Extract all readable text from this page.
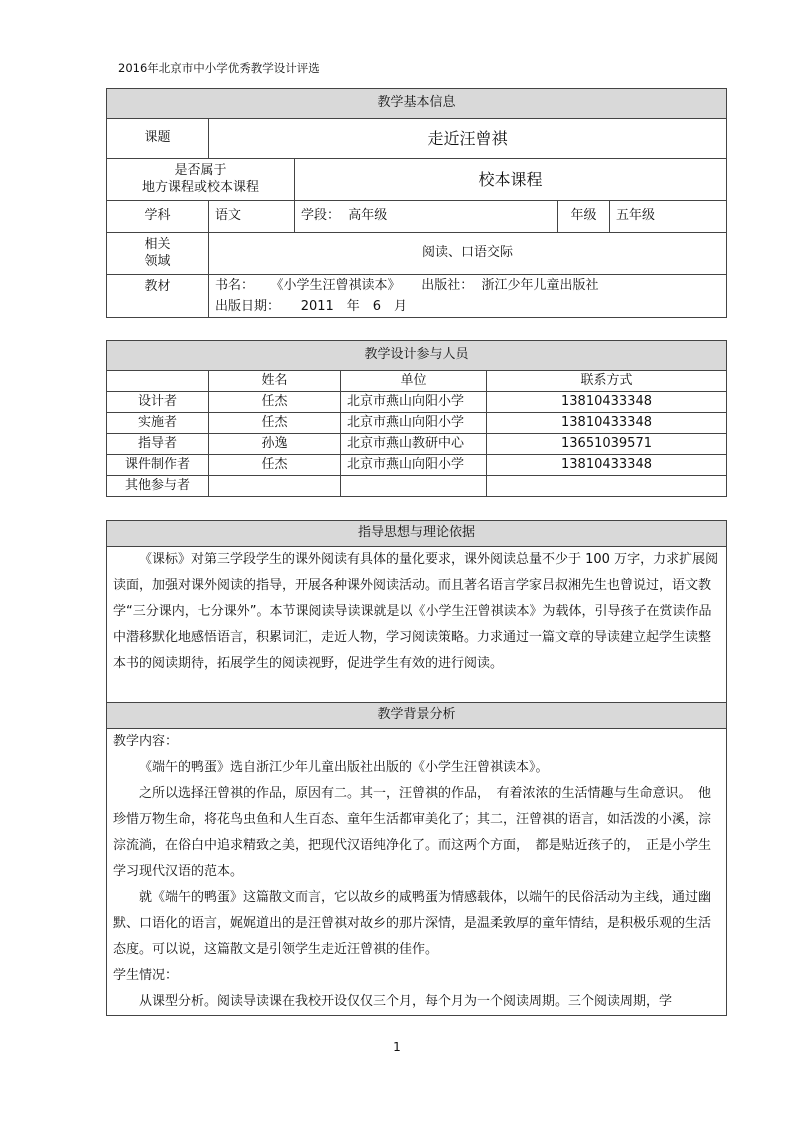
2016年北京市中小学优秀教学设计评选
教学基本信息				
课题	走近汪曾祺			
是否属于
地方课程或校本课程		校本课程		
学科	语文	学段： 高年级	年级	五年级
相关
领域	阅读、口语交际			
教材	书名： 《小学生汪曾祺读本》 出版社： 浙江少年儿童出版社
出版日期： 2011　年　6　月			
教学设计参与人员			
	姓名	单位	联系方式
设计者	任杰	北京市燕山向阳小学	13810433348
实施者	任杰	北京市燕山向阳小学	13810433348
指导者	孙逸	北京市燕山教研中心	13651039571
课件制作者	任杰	北京市燕山向阳小学	13810433348
其他参与者			
指导思想与理论依据

《课标》对第三学段学生的课外阅读有具体的量化要求，课外阅读总量不少于 100 万字，力求扩展阅读面，加强对课外阅读的指导，开展各种课外阅读活动。而且著名语言学家吕叔湘先生也曾说过，语文教学“三分课内，七分课外”。本节课阅读导读课就是以《小学生汪曾祺读本》为载体，引导孩子在赏读作品中潜移默化地感悟语言，积累词汇，走近人物，学习阅读策略。力求通过一篇文章的导读建立起学生读整本书的阅读期待，拓展学生的阅读视野，促进学生有效的进行阅读。

教学背景分析

教学内容：

《端午的鸭蛋》选自浙江少年儿童出版社出版的《小学生汪曾祺读本》。

之所以选择汪曾祺的作品，原因有二。其一，汪曾祺的作品，　有着浓浓的生活情趣与生命意识。　他珍惜万物生命，将花鸟虫鱼和人生百态、童年生活都审美化了；其二，汪曾祺的语言，如活泼的小溪，淙淙流淌，在俗白中追求精致之美，把现代汉语纯净化了。而这两个方面，　都是贴近孩子的，　正是小学生学习现代汉语的范本。

就《端午的鸭蛋》这篇散文而言，它以故乡的咸鸭蛋为情感载体，以端午的民俗活动为主线，通过幽默、口语化的语言，娓娓道出的是汪曾祺对故乡的那片深情，是温柔敦厚的童年情结，是积极乐观的生活态度。可以说，这篇散文是引领学生走近汪曾祺的佳作。

学生情况：

从课型分析。阅读导读课在我校开设仅仅三个月，每个月为一个阅读周期。三个阅读周期，学

1
